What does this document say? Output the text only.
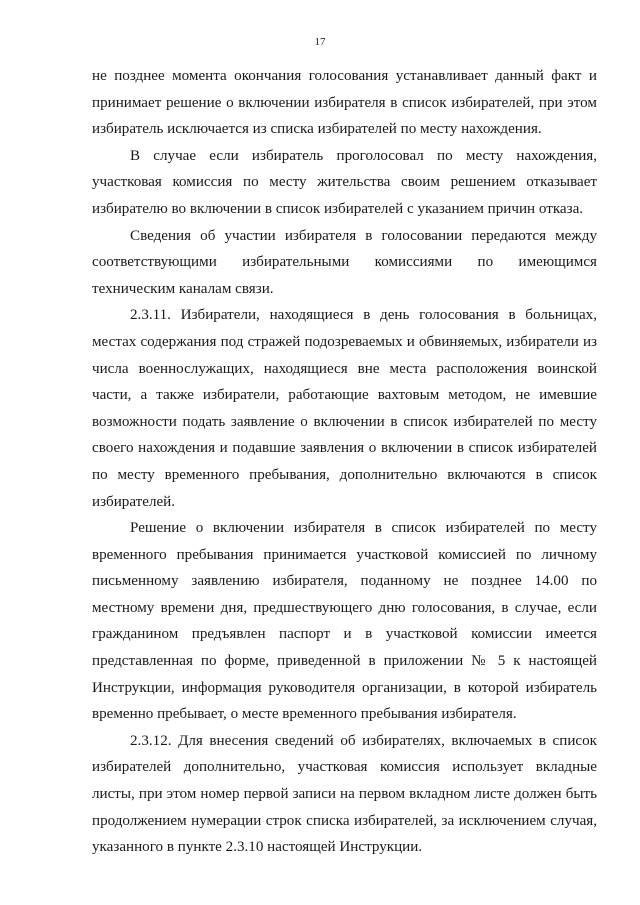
17

не позднее момента окончания голосования устанавливает данный факт и принимает решение о включении избирателя в список избирателей, при этом избиратель исключается из списка избирателей по месту нахождения.

В случае если избиратель проголосовал по месту нахождения, участковая комиссия по месту жительства своим решением отказывает избирателю во включении в список избирателей с указанием причин отказа.

Сведения об участии избирателя в голосовании передаются между соответствующими избирательными комиссиями по имеющимся техническим каналам связи.

2.3.11. Избиратели, находящиеся в день голосования в больницах, местах содержания под стражей подозреваемых и обвиняемых, избиратели из числа военнослужащих, находящиеся вне места расположения воинской части, а также избиратели, работающие вахтовым методом, не имевшие возможности подать заявление о включении в список избирателей по месту своего нахождения и подавшие заявления о включении в список избирателей по месту временного пребывания, дополнительно включаются в список избирателей.

Решение о включении избирателя в список избирателей по месту временного пребывания принимается участковой комиссией по личному письменному заявлению избирателя, поданному не позднее 14.00 по местному времени дня, предшествующего дню голосования, в случае, если гражданином предъявлен паспорт и в участковой комиссии имеется представленная по форме, приведенной в приложении № 5 к настоящей Инструкции, информация руководителя организации, в которой избиратель временно пребывает, о месте временного пребывания избирателя.

2.3.12. Для внесения сведений об избирателях, включаемых в список избирателей дополнительно, участковая комиссия использует вкладные листы, при этом номер первой записи на первом вкладном листе должен быть продолжением нумерации строк списка избирателей, за исключением случая, указанного в пункте 2.3.10 настоящей Инструкции.
